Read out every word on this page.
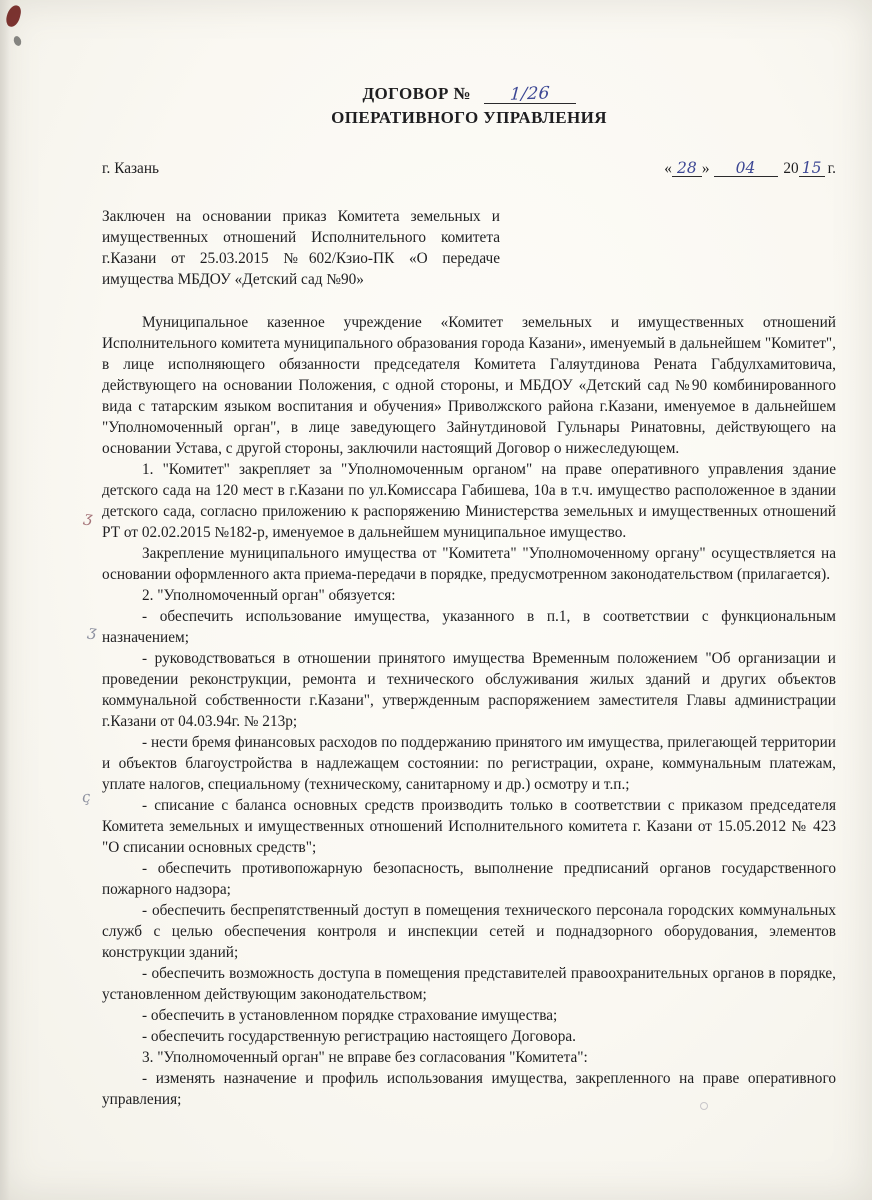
ʒ
ʒ
ҫ
ДОГОВОР № 1/26
ОПЕРАТИВНОГО УПРАВЛЕНИЯ
г. Казань	« 28 » 04 20 15 г.
Заключен на основании приказ Комитета земельных и имущественных отношений Исполнительного комитета г.Казани от 25.03.2015 №602/Кзио-ПК «О передаче имущества МБДОУ «Детский сад №90»

Муниципальное казенное учреждение «Комитет земельных и имущественных отношений Исполнительного комитета муниципального образования города Казани», именуемый в дальнейшем "Комитет", в лице исполняющего обязанности председателя Комитета Галяутдинова Рената Габдулхамитовича, действующего на основании Положения, с одной стороны, и МБДОУ «Детский сад №90 комбинированного вида с татарским языком воспитания и обучения» Приволжского района г.Казани, именуемое в дальнейшем "Уполномоченный орган", в лице заведующего Зайнутдиновой Гульнары Ринатовны, действующего на основании Устава, с другой стороны, заключили настоящий Договор о нижеследующем.

1. "Комитет" закрепляет за "Уполномоченным органом" на праве оперативного управления здание детского сада на 120 мест в г.Казани по ул.Комиссара Габишева, 10а в т.ч. имущество расположенное в здании детского сада, согласно приложению к распоряжению Министерства земельных и имущественных отношений РТ от 02.02.2015 №182-р, именуемое в дальнейшем муниципальное имущество.

Закрепление муниципального имущества от "Комитета" "Уполномоченному органу" осуществляется на основании оформленного акта приема-передачи в порядке, предусмотренном законодательством (прилагается).

2. "Уполномоченный орган" обязуется:

- обеспечить использование имущества, указанного в п.1, в соответствии с функциональным назначением;

- руководствоваться в отношении принятого имущества Временным положением "Об организации и проведении реконструкции, ремонта и технического обслуживания жилых зданий и других объектов коммунальной собственности г.Казани", утвержденным распоряжением заместителя Главы администрации г.Казани от 04.03.94г. № 213р;

- нести бремя финансовых расходов по поддержанию принятого им имущества, прилегающей территории и объектов благоустройства в надлежащем состоянии: по регистрации, охране, коммунальным платежам, уплате налогов, специальному (техническому, санитарному и др.) осмотру и т.п.;

- списание с баланса основных средств производить только в соответствии с приказом председателя Комитета земельных и имущественных отношений Исполнительного комитета г. Казани от 15.05.2012 № 423 "О списании основных средств";

- обеспечить противопожарную безопасность, выполнение предписаний органов государственного пожарного надзора;

- обеспечить беспрепятственный доступ в помещения технического персонала городских коммунальных служб с целью обеспечения контроля и инспекции сетей и поднадзорного оборудования, элементов конструкции зданий;

- обеспечить возможность доступа в помещения представителей правоохранительных органов в порядке, установленном действующим законодательством;

- обеспечить в установленном порядке страхование имущества;

- обеспечить государственную регистрацию настоящего Договора.

3. "Уполномоченный орган" не вправе без согласования "Комитета":

- изменять назначение и профиль использования имущества, закрепленного на праве оперативного управления;
